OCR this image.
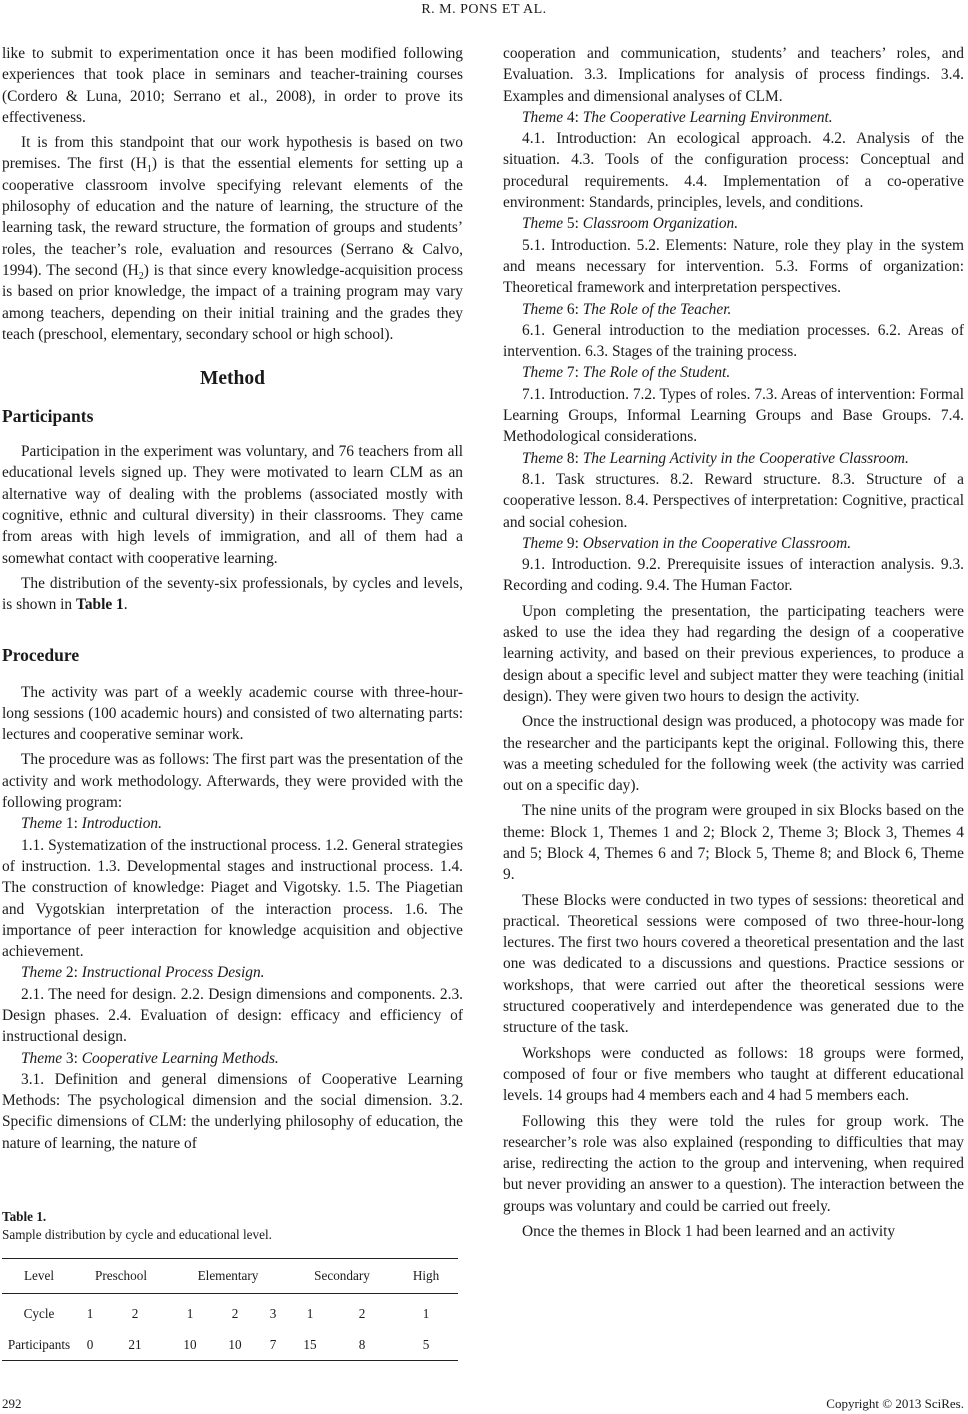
R. M. PONS ET AL.

like to submit to experimentation once it has been modified following experiences that took place in seminars and teacher-training courses (Cordero & Luna, 2010; Serrano et al., 2008), in order to prove its effectiveness.

It is from this standpoint that our work hypothesis is based on two premises. The first $(H_1)$ is that the essential elements for setting up a cooperative classroom involve specifying relevant elements of the philosophy of education and the nature of learning, the structure of the learning task, the reward structure, the formation of groups and students’ roles, the teacher’s role, evaluation and resources (Serrano & Calvo, 1994). The second $(H_2)$ is that since every knowledge-acquisition process is based on prior knowledge, the impact of a training program may vary among teachers, depending on their initial training and the grades they teach (preschool, elementary, secondary school or high school).

Method
Participants

Participation in the experiment was voluntary, and 76 teachers from all educational levels signed up. They were motivated to learn CLM as an alternative way of dealing with the problems (associated mostly with cognitive, ethnic and cultural diversity) in their classrooms. They came from areas with high levels of immigration, and all of them had a somewhat contact with cooperative learning.

The distribution of the seventy-six professionals, by cycles and levels, is shown in Table 1.

Procedure

The activity was part of a weekly academic course with three-hour-long sessions (100 academic hours) and consisted of two alternating parts: lectures and cooperative seminar work.

The procedure was as follows: The first part was the presentation of the activity and work methodology. Afterwards, they were provided with the following program:

Theme 1: Introduction.

1.1. Systematization of the instructional process. 1.2. General strategies of instruction. 1.3. Developmental stages and instructional process. 1.4. The construction of knowledge: Piaget and Vigotsky. 1.5. The Piagetian and Vygotskian interpretation of the interaction process. 1.6. The importance of peer interaction for knowledge acquisition and objective achievement.

Theme 2: Instructional Process Design.

2.1. The need for design. 2.2. Design dimensions and components. 2.3. Design phases. 2.4. Evaluation of design: efficacy and efficiency of instructional design.

Theme 3: Cooperative Learning Methods.

3.1. Definition and general dimensions of Cooperative Learning Methods: The psychological dimension and the social dimension. 3.2. Specific dimensions of CLM: the underlying philosophy of education, the nature of learning, the nature of

cooperation and communication, students’ and teachers’ roles, and Evaluation. 3.3. Implications for analysis of process findings. 3.4. Examples and dimensional analyses of CLM.

Theme 4: The Cooperative Learning Environment.

4.1. Introduction: An ecological approach. 4.2. Analysis of the situation. 4.3. Tools of the configuration process: Conceptual and procedural requirements. 4.4. Implementation of a co-operative environment: Standards, principles, levels, and conditions.

Theme 5: Classroom Organization.

5.1. Introduction. 5.2. Elements: Nature, role they play in the system and means necessary for intervention. 5.3. Forms of organization: Theoretical framework and interpretation perspectives.

Theme 6: The Role of the Teacher.

6.1. General introduction to the mediation processes. 6.2. Areas of intervention. 6.3. Stages of the training process.

Theme 7: The Role of the Student.

7.1. Introduction. 7.2. Types of roles. 7.3. Areas of intervention: Formal Learning Groups, Informal Learning Groups and Base Groups. 7.4. Methodological considerations.

Theme 8: The Learning Activity in the Cooperative Classroom.

8.1. Task structures. 8.2. Reward structure. 8.3. Structure of a cooperative lesson. 8.4. Perspectives of interpretation: Cognitive, practical and social cohesion.

Theme 9: Observation in the Cooperative Classroom.

9.1. Introduction. 9.2. Prerequisite issues of interaction analysis. 9.3. Recording and coding. 9.4. The Human Factor.

Upon completing the presentation, the participating teachers were asked to use the idea they had regarding the design of a cooperative learning activity, and based on their previous experiences, to produce a design about a specific level and subject matter they were teaching (initial design). They were given two hours to design the activity.

Once the instructional design was produced, a photocopy was made for the researcher and the participants kept the original. Following this, there was a meeting scheduled for the following week (the activity was carried out on a specific day).

The nine units of the program were grouped in six Blocks based on the theme: Block 1, Themes 1 and 2; Block 2, Theme 3; Block 3, Themes 4 and 5; Block 4, Themes 6 and 7; Block 5, Theme 8; and Block 6, Theme 9.

These Blocks were conducted in two types of sessions: theoretical and practical. Theoretical sessions were composed of two three-hour-long lectures. The first two hours covered a theoretical presentation and the last one was dedicated to a discussions and questions. Practice sessions or workshops, that were carried out after the theoretical sessions were structured cooperatively and interdependence was generated due to the structure of the task.

Workshops were conducted as follows: 18 groups were formed, composed of four or five members who taught at different educational levels. 14 groups had 4 members each and 4 had 5 members each.

Following this they were told the rules for group work. The researcher’s role was also explained (responding to difficulties that may arise, redirecting the action to the group and intervening, when required but never providing an answer to a question). The interaction between the groups was voluntary and could be carried out freely.

Once the themes in Block 1 had been learned and an activity

Table 1.
Sample distribution by cycle and educational level.
Level	Preschool		Elementary			Secondary		High
Cycle	1	2	1	2	3	1	2	1
Participants	0	21	10	10	7	15	8	5
292	Copyright © 2013 SciRes.
